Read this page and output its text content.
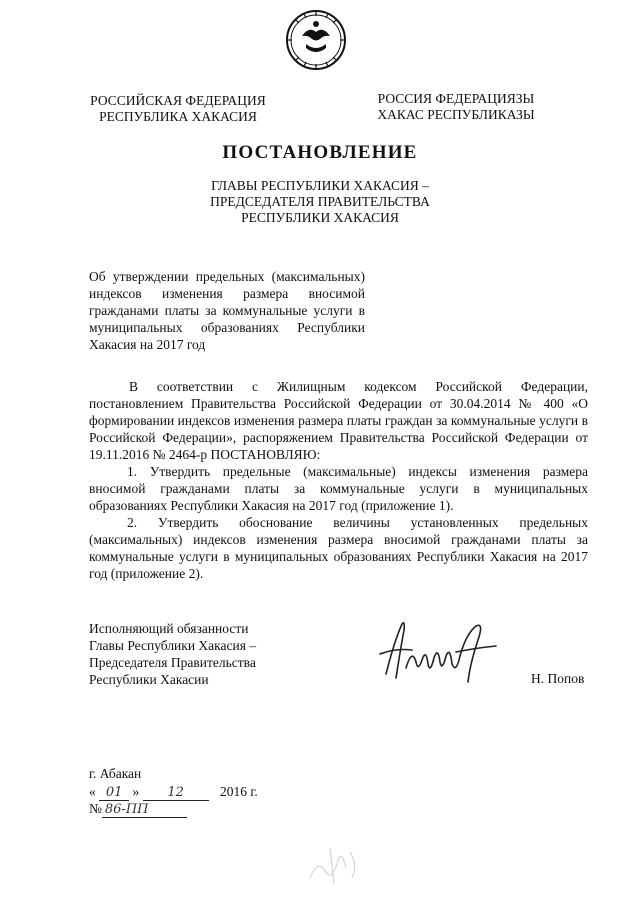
РОССИЙСКАЯ ФЕДЕРАЦИЯ
РЕСПУБЛИКА ХАКАСИЯ
РОССИЯ ФЕДЕРАЦИЯЗЫ
ХАКАС РЕСПУБЛИКАЗЫ
ПОСТАНОВЛЕНИЕ
ГЛАВЫ РЕСПУБЛИКИ ХАКАСИЯ –
ПРЕДСЕДАТЕЛЯ ПРАВИТЕЛЬСТВА
РЕСПУБЛИКИ ХАКАСИЯ
Об утверждении предельных (максимальных) индексов изменения размера вносимой гражданами платы за коммунальные услуги в муниципальных образованиях Республики Хакасия на 2017 год

В соответствии с Жилищным кодексом Российской Федерации, постановлением Правительства Российской Федерации от 30.04.2014 № 400 «О формировании индексов изменения размера платы граждан за коммунальные услуги в Российской Федерации», распоряжением Правительства Российской Федерации от 19.11.2016 № 2464-р ПОСТАНОВЛЯЮ:

1. Утвердить предельные (максимальные) индексы изменения размера вносимой гражданами платы за коммунальные услуги в муниципальных образованиях Республики Хакасия на 2017 год (приложение 1).

2. Утвердить обоснование величины установленных предельных (максимальных) индексов изменения размера вносимой гражданами платы за коммунальные услуги в муниципальных образованиях Республики Хакасия на 2017 год (приложение 2).

Исполняющий обязанности
Главы Республики Хакасия –
Председателя Правительства
Республики Хакасии	Н. Попов
г. Абакан
« 01 » 12	2016 г.
№ 86-ПП
